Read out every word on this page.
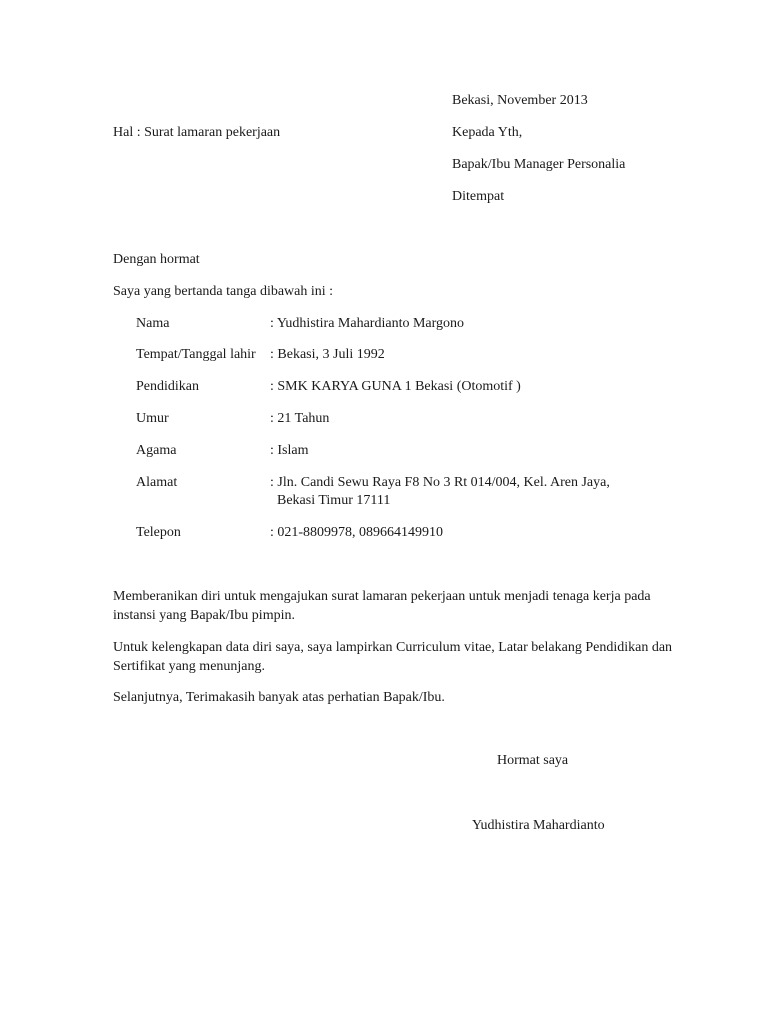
Bekasi, November 2013
Hal : Surat lamaran pekerjaan	Kepada Yth,
Bapak/Ibu Manager Personalia
Ditempat
Dengan hormat
Saya yang bertanda tanga dibawah ini :
Nama	: Yudhistira Mahardianto Margono
Tempat/Tanggal lahir : Bekasi, 3 Juli 1992
Pendidikan	: SMK KARYA GUNA 1 Bekasi (Otomotif )
Umur	: 21 Tahun
Agama	: Islam
Alamat	: Jln. Candi Sewu Raya F8 No 3 Rt 014/004, Kel. Aren Jaya,
Bekasi Timur 17111
Telepon	: 021-8809978, 089664149910
Memberanikan diri untuk mengajukan surat lamaran pekerjaan untuk menjadi tenaga kerja pada
instansi yang Bapak/Ibu pimpin.
Untuk kelengkapan data diri saya, saya lampirkan Curriculum vitae, Latar belakang Pendidikan dan
Sertifikat yang menunjang.
Selanjutnya, Terimakasih banyak atas perhatian Bapak/Ibu.
Hormat saya
Yudhistira Mahardianto
